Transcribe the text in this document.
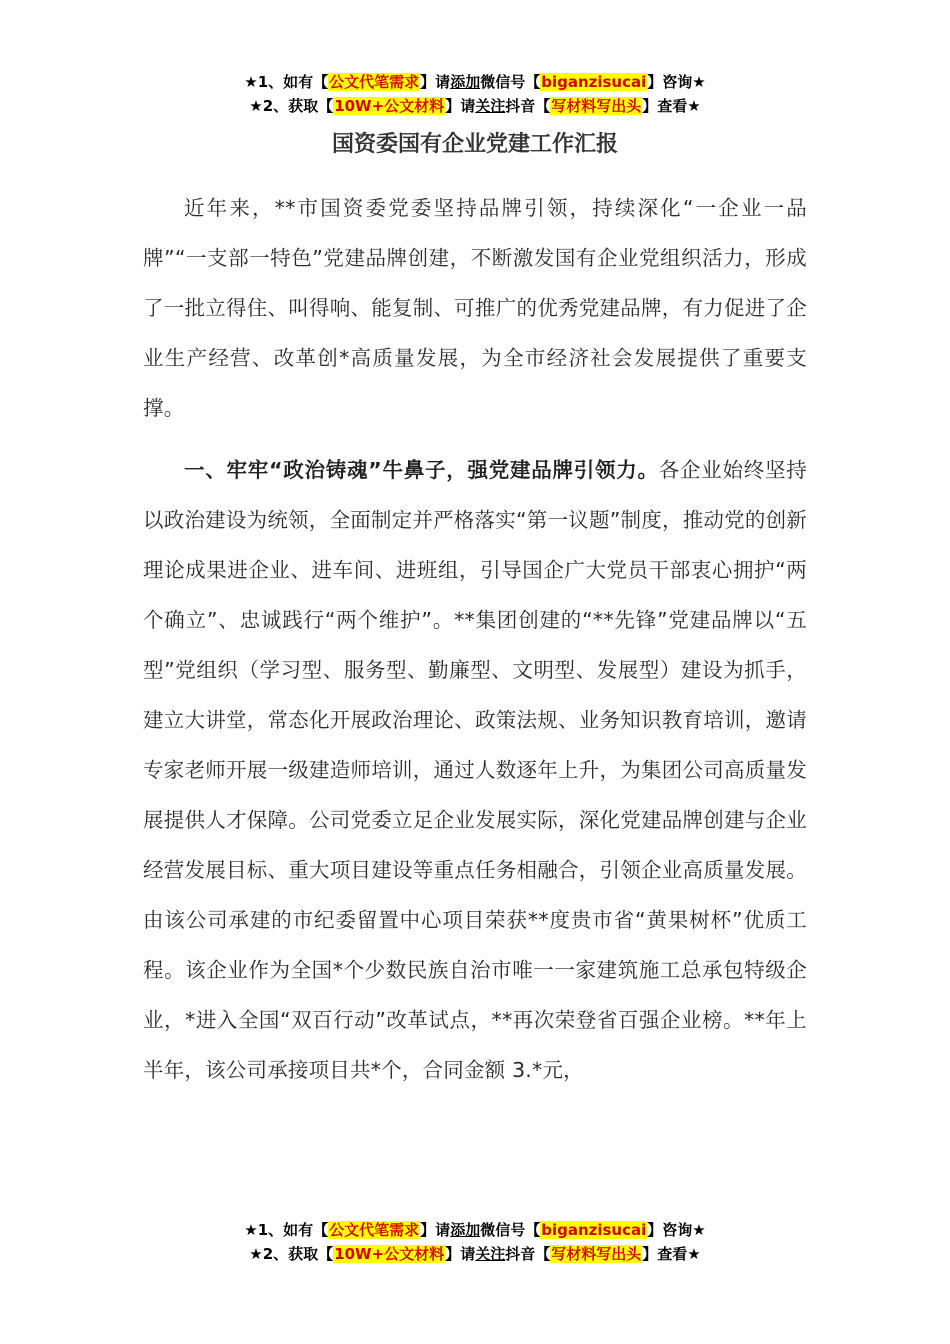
★1、如有【公文代笔需求】请添加微信号【biganzisucai】咨询★
★2、获取【10W+公文材料】请关注抖音【写材料写出头】查看★
国资委国有企业党建工作汇报

近年来，**市国资委党委坚持品牌引领，持续深化“一企业一品牌”“一支部一特色”党建品牌创建，不断激发国有企业党组织活力，形成了一批立得住、叫得响、能复制、可推广的优秀党建品牌，有力促进了企业生产经营、改革创*高质量发展，为全市经济社会发展提供了重要支撑。

一、牢牢“政治铸魂”牛鼻子，强党建品牌引领力。各企业始终坚持以政治建设为统领，全面制定并严格落实“第一议题”制度，推动党的创新理论成果进企业、进车间、进班组，引导国企广大党员干部衷心拥护“两个确立”、忠诚践行“两个维护”。**集团创建的“**先锋”党建品牌以“五型”党组织（学习型、服务型、勤廉型、文明型、发展型）建设为抓手，建立大讲堂，常态化开展政治理论、政策法规、业务知识教育培训，邀请专家老师开展一级建造师培训，通过人数逐年上升，为集团公司高质量发展提供人才保障。公司党委立足企业发展实际，深化党建品牌创建与企业经营发展目标、重大项目建设等重点任务相融合，引领企业高质量发展。由该公司承建的市纪委留置中心项目荣获**度贵市省“黄果树杯”优质工程。该企业作为全国*个少数民族自治市唯一一家建筑施工总承包特级企业，*进入全国“双百行动”改革试点，**再次荣登省百强企业榜。**年上半年，该公司承接项目共*个，合同金额 3.*元，

★1、如有【公文代笔需求】请添加微信号【biganzisucai】咨询★
★2、获取【10W+公文材料】请关注抖音【写材料写出头】查看★
